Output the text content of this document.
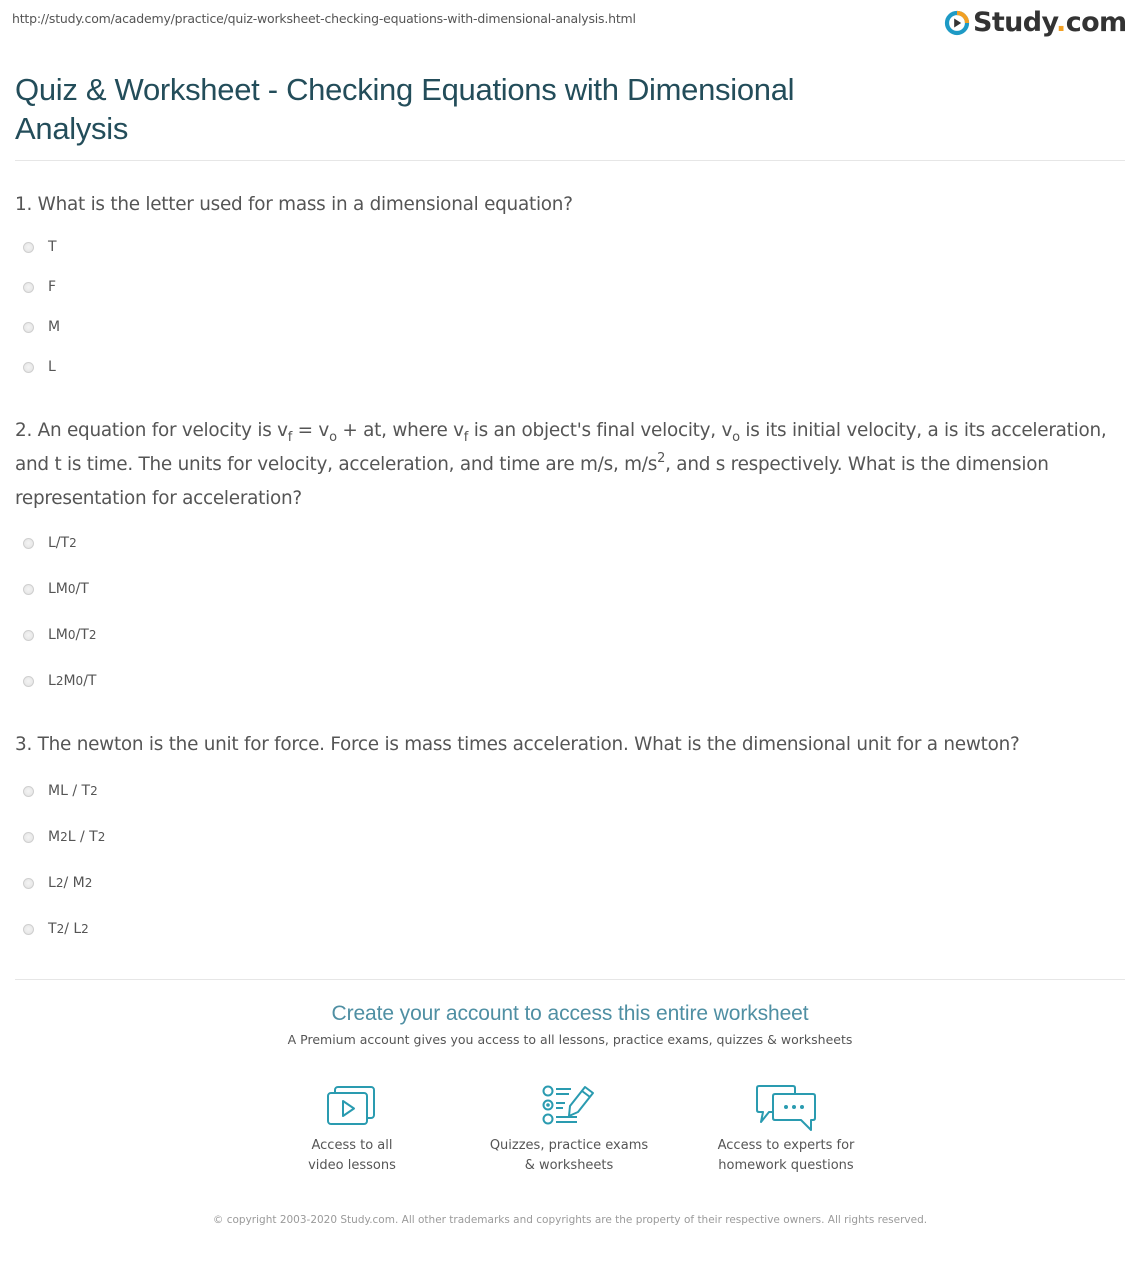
http://study.com/academy/practice/quiz-worksheet-checking-equations-with-dimensional-analysis.html	Study.com
Quiz & Worksheet - Checking Equations with Dimensional Analysis
1. What is the letter used for mass in a dimensional equation?
T
F
M
L
2. An equation for velocity is $v_f = v_o$ + at, where $v_f$ is an object's final velocity, $v_o$ is its initial velocity, a is its acceleration, and t is time. The units for velocity, acceleration, and time are m/s, $m/s^2$, and s respectively. What is the dimension representation for acceleration?
L/T 2
LM 0 /T
LM 0 /T 2
L 2 M 0 /T
3. The newton is the unit for force. Force is mass times acceleration. What is the dimensional unit for a newton?
ML / T 2
M 2 L / T 2
L 2 / M 2
T 2 / L 2
Create your account to access this entire worksheet
A Premium account gives you access to all lessons, practice exams, quizzes & worksheets
Access to all
video lessons
Quizzes, practice exams
& worksheets
Access to experts for
homework questions
© copyright 2003-2020 Study.com. All other trademarks and copyrights are the property of their respective owners. All rights reserved.
